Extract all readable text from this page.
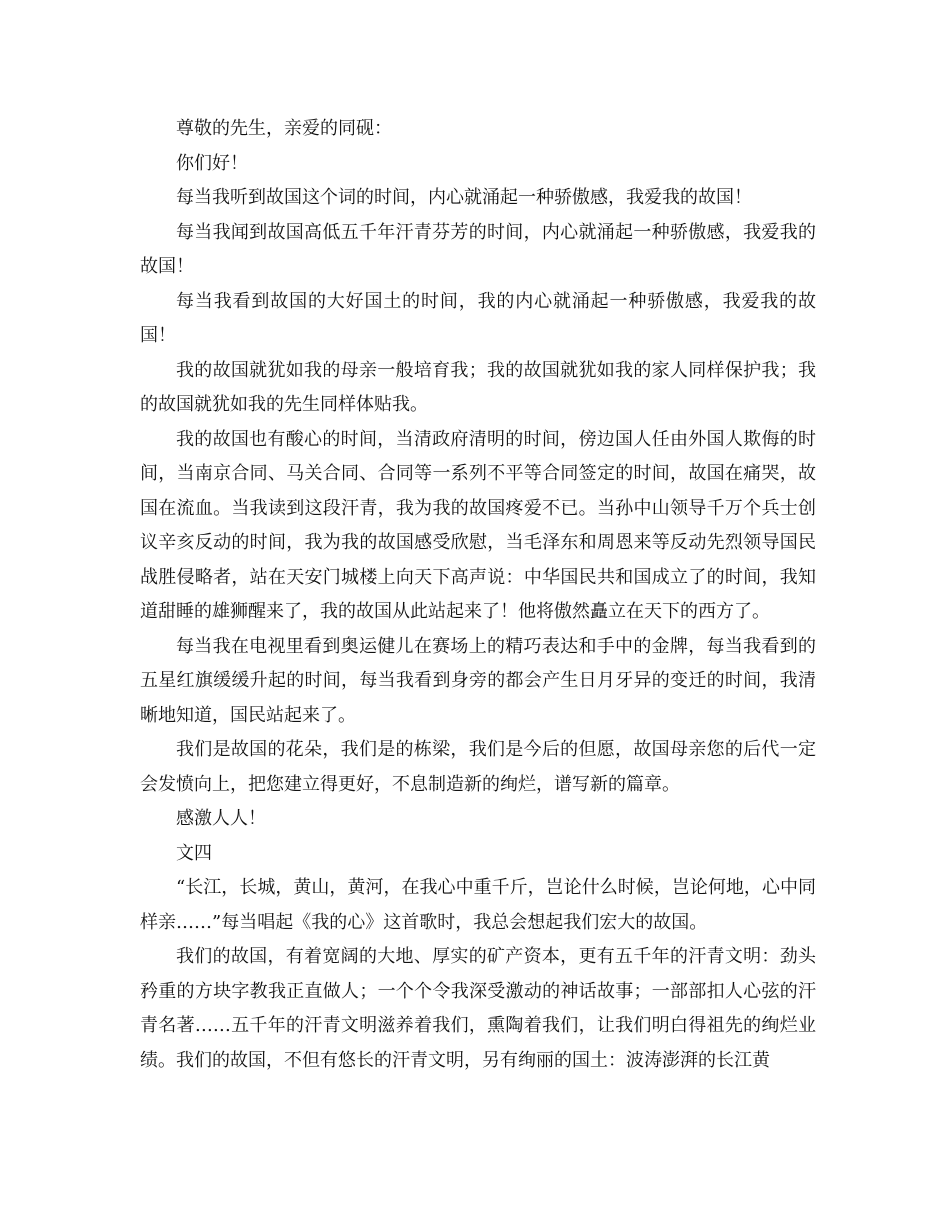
尊敬的先生，亲爱的同砚：

你们好！

每当我听到故国这个词的时间，内心就涌起一种骄傲感，我爱我的故国！

每当我闻到故国高低五千年汗青芬芳的时间，内心就涌起一种骄傲感，我爱我的故国！

每当我看到故国的大好国土的时间，我的内心就涌起一种骄傲感，我爱我的故国！

我的故国就犹如我的母亲一般培育我；我的故国就犹如我的家人同样保护我；我的故国就犹如我的先生同样体贴我。

我的故国也有酸心的时间，当清政府清明的时间，傍边国人任由外国人欺侮的时间，当南京合同、马关合同、合同等一系列不平等合同签定的时间，故国在痛哭，故国在流血。当我读到这段汗青，我为我的故国疼爱不已。当孙中山领导千万个兵士创议辛亥反动的时间，我为我的故国感受欣慰，当毛泽东和周恩来等反动先烈领导国民战胜侵略者，站在天安门城楼上向天下高声说：中华国民共和国成立了的时间，我知道甜睡的雄狮醒来了，我的故国从此站起来了！他将傲然矗立在天下的西方了。

每当我在电视里看到奥运健儿在赛场上的精巧表达和手中的金牌，每当我看到的五星红旗缓缓升起的时间，每当我看到身旁的都会产生日月牙异的变迁的时间，我清晰地知道，国民站起来了。

我们是故国的花朵，我们是的栋梁，我们是今后的但愿，故国母亲您的后代一定会发愤向上，把您建立得更好，不息制造新的绚烂，谱写新的篇章。

感激人人！

文四

“长江，长城，黄山，黄河，在我心中重千斤，岂论什么时候，岂论何地，心中同样亲……”每当唱起《我的心》这首歌时，我总会想起我们宏大的故国。

我们的故国，有着宽阔的大地、厚实的矿产资本，更有五千年的汗青文明：劲头矜重的方块字教我正直做人；一个个令我深受激动的神话故事；一部部扣人心弦的汗青名著……五千年的汗青文明滋养着我们，熏陶着我们，让我们明白得祖先的绚烂业绩。我们的故国，不但有悠长的汗青文明，另有绚丽的国土：波涛澎湃的长江黄
